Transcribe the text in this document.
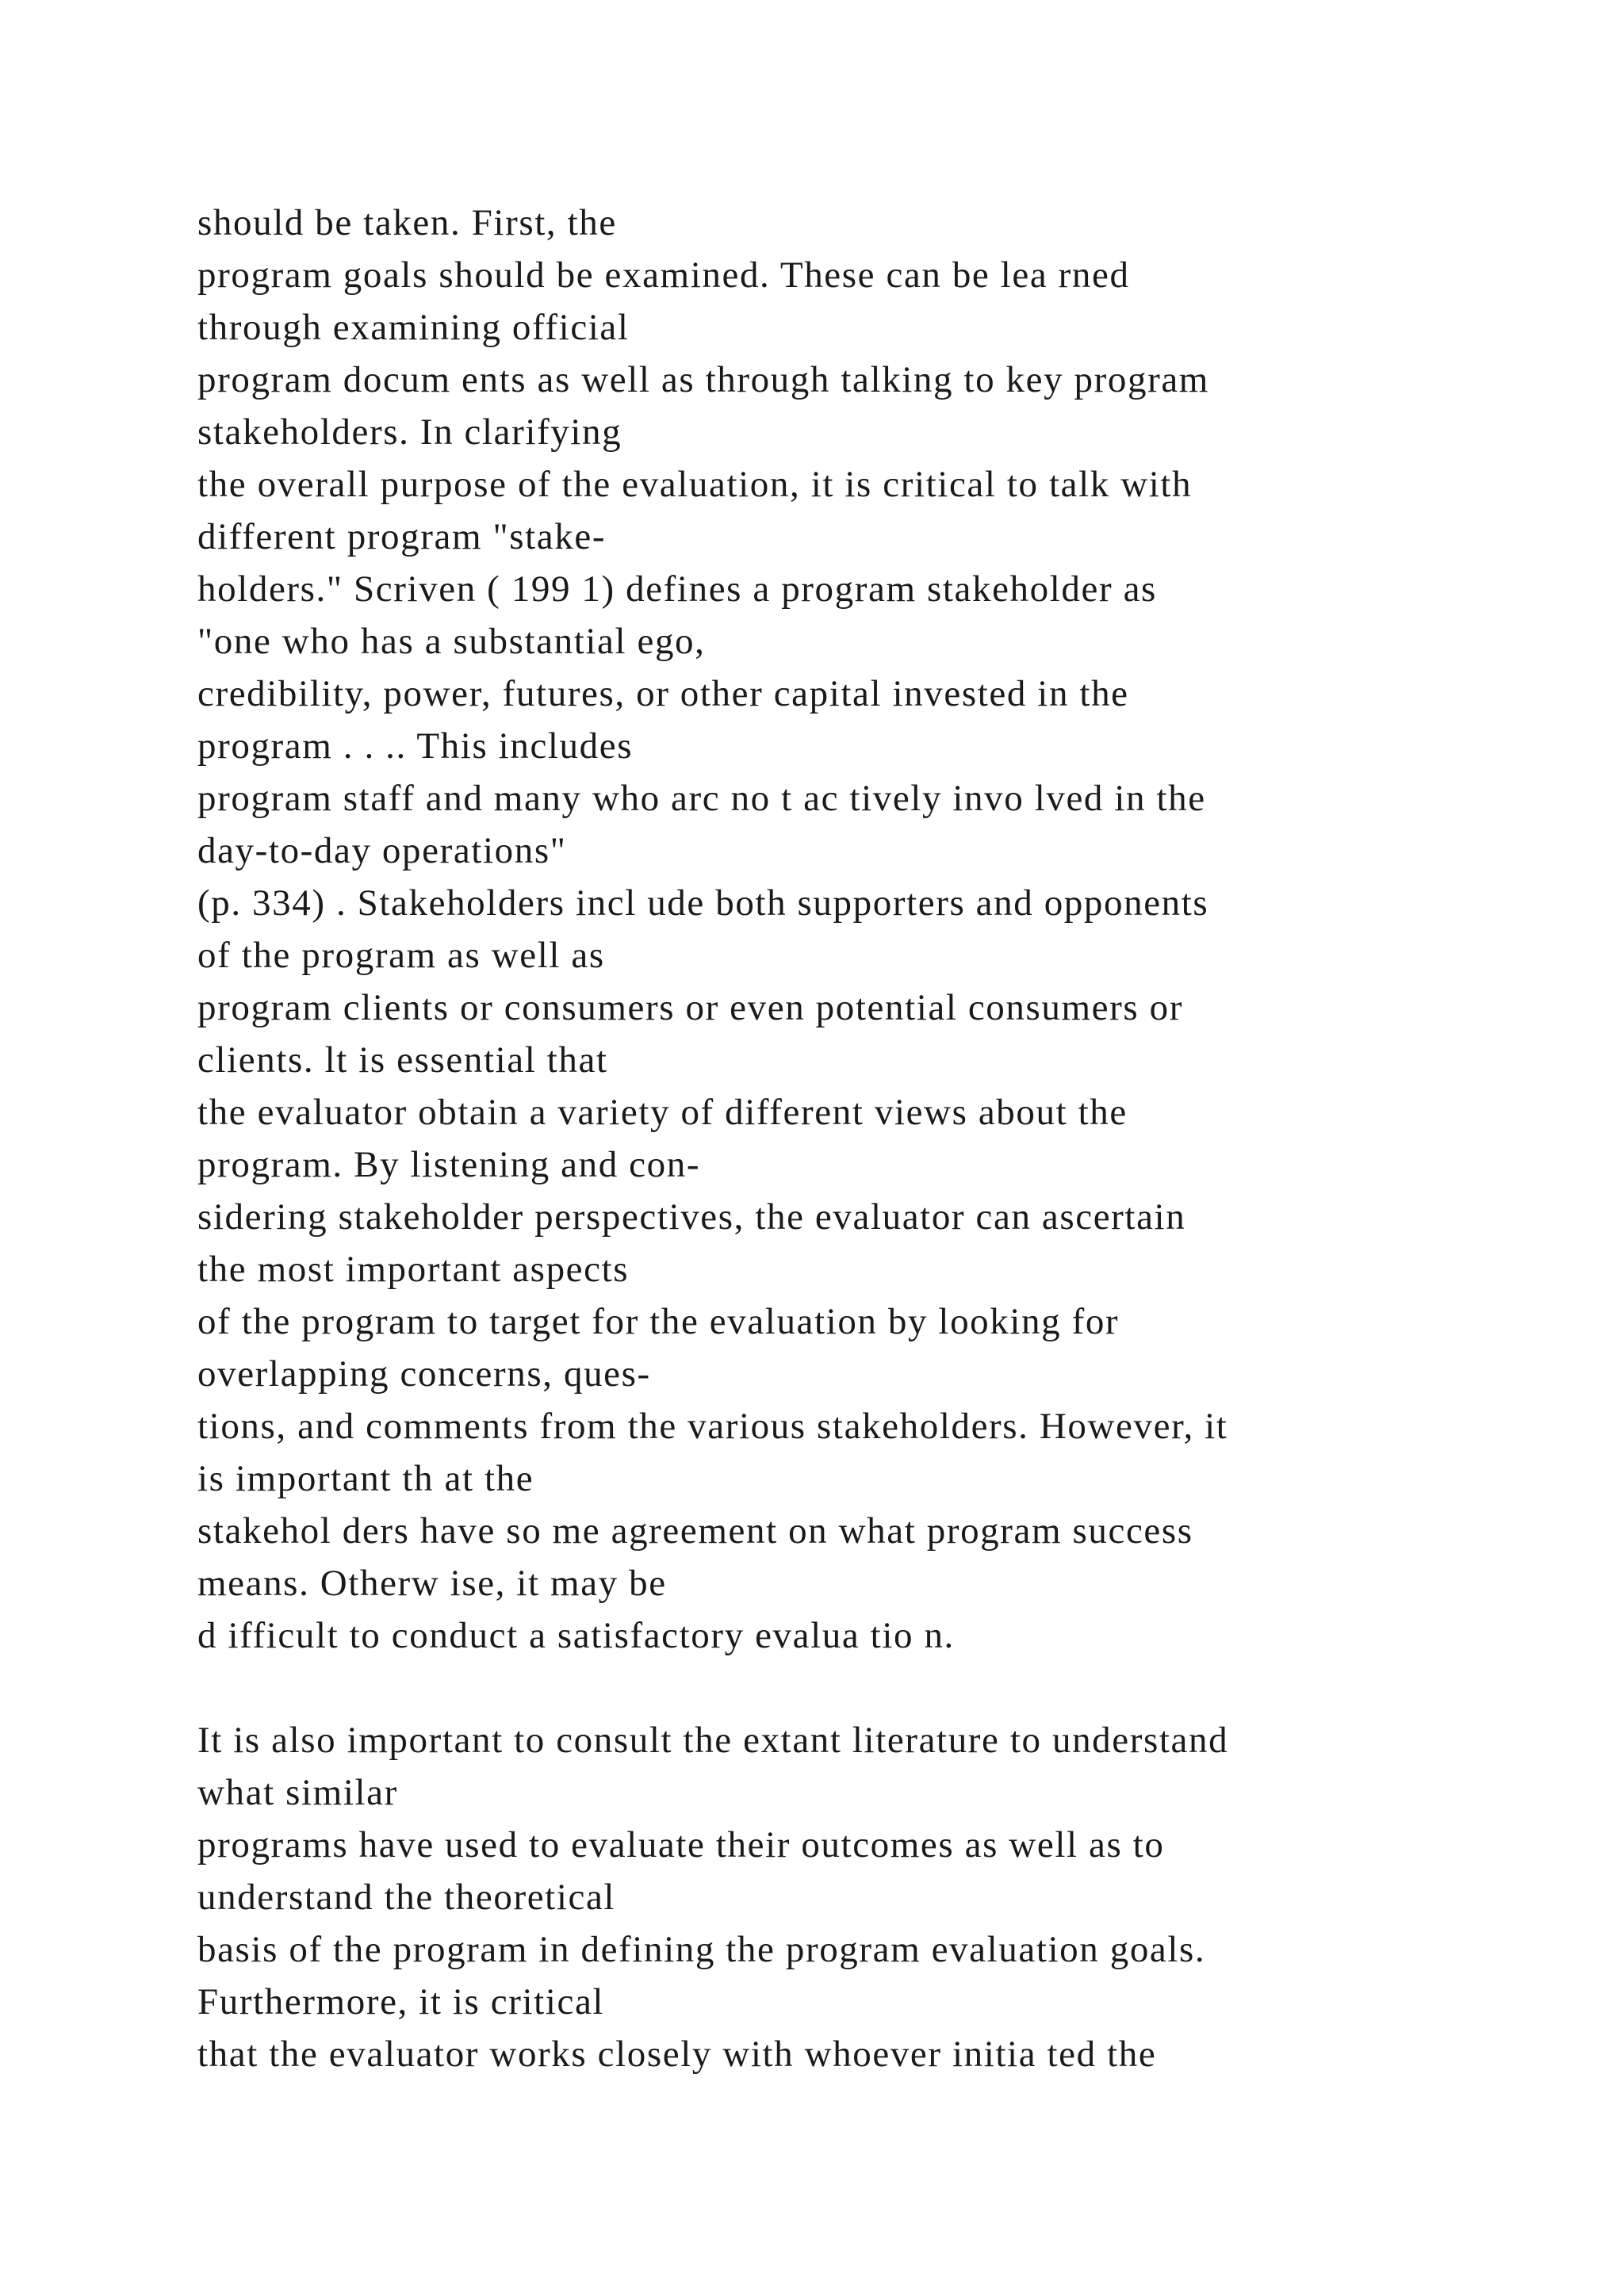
should be taken. First, the
program goals should be examined. These can be lea rned
through examining official
program docum ents as well as through talking to key program
stakeholders. In clarifying
the overall purpose of the evaluation, it is critical to talk with
different program "stake-
holders." Scriven ( 199 1) defines a program stakeholder as
"one who has a substantial ego,
credibility, power, futures, or other capital invested in the
program . . .. This includes
program staff and many who arc no t ac tively invo lved in the
day-to-day operations"
(p. 334) . Stakeholders incl ude both supporters and opponents
of the program as well as
program clients or consumers or even potential consumers or
clients. lt is essential that
the evaluator obtain a variety of different views about the
program. By listening and con-
sidering stakeholder perspectives, the evaluator can ascertain
the most important aspects
of the program to target for the evaluation by looking for
overlapping concerns, ques-
tions, and comments from the various stakeholders. However, it
is important th at the
stakehol ders have so me agreement on what program success
means. Otherw ise, it may be
d ifficult to conduct a satisfactory evalua tio n.
It is also important to consult the extant literature to understand
what similar
programs have used to evaluate their outcomes as well as to
understand the theoretical
basis of the program in defining the program evaluation goals.
Furthermore, it is critical
that the evaluator works closely with whoever initia ted the
